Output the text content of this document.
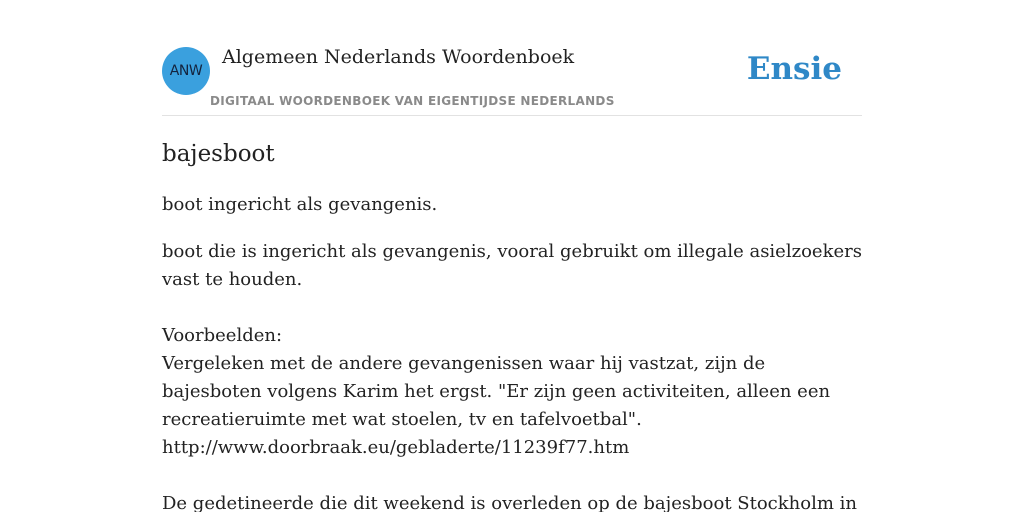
ANW
Algemeen Nederlands Woordenboek
DIGITAAL WOORDENBOEK VAN EIGENTIJDSE NEDERLANDS
Ensie
bajesboot

boot ingericht als gevangenis.

boot die is ingericht als gevangenis, vooral gebruikt om illegale asielzoekers vast te houden.

Voorbeelden:

Vergeleken met de andere gevangenissen waar hij vastzat, zijn de bajesboten volgens Karim het ergst. "Er zijn geen activiteiten, alleen een recreatieruimte met wat stoelen, tv en tafelvoetbal".

http://www.doorbraak.eu/gebladerte/11239f77.htm

De gedetineerde die dit weekend is overleden op de bajesboot Stockholm in
